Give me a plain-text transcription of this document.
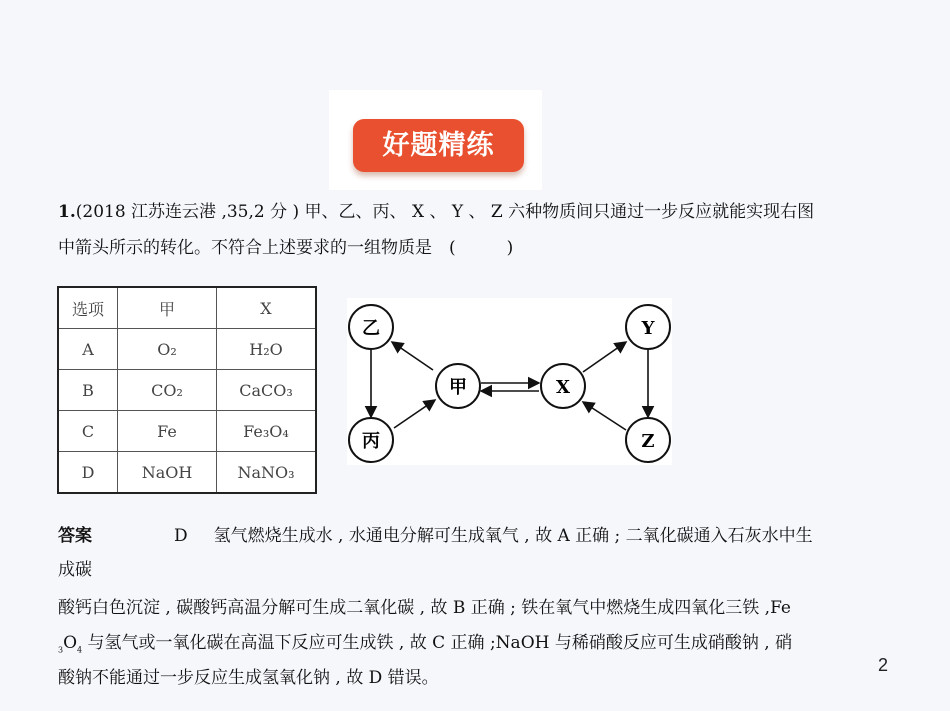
好题精练
1.(2018 江苏连云港 ,35,2 分 ) 甲、乙、丙、 X 、 Y 、 Z 六种物质间只通过一步反应就能实现右图
中箭头所示的转化。不符合上述要求的一组物质是　(　　　)
选项	甲	X
A	O₂	H₂O
B	CO₂	CaCO₃
C	Fe	Fe₃O₄
D	NaOH	NaNO₃
乙
丙
甲	X
Y
Z
答案	D 氢气燃烧生成水 , 水通电分解可生成氧气 , 故 A 正确 ; 二氧化碳通入石灰水中生
成碳
酸钙白色沉淀 , 碳酸钙高温分解可生成二氧化碳 , 故 B 正确 ; 铁在氧气中燃烧生成四氧化三铁 ,Fe
$_3O_4$ 与氢气或一氧化碳在高温下反应可生成铁 , 故 C 正确 ;NaOH 与稀硝酸反应可生成硝酸钠 , 硝
酸钠不能通过一步反应生成氢氧化钠 , 故 D 错误。
2
